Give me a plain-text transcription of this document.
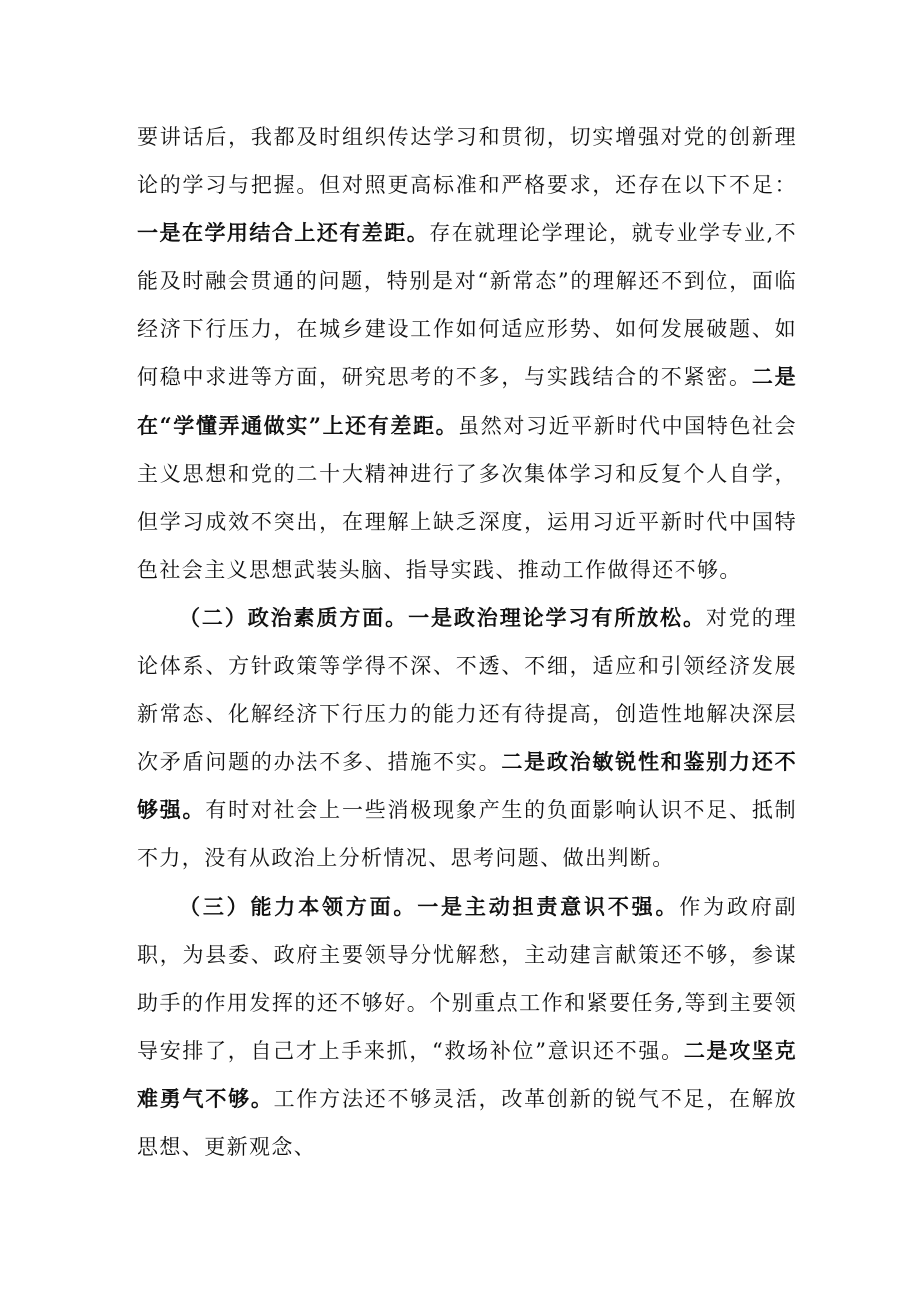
要讲话后，我都及时组织传达学习和贯彻，切实增强对党的创新理论的学习与把握。但对照更高标准和严格要求，还存在以下不足：一是在学用结合上还有差距。存在就理论学理论，就专业学专业,不能及时融会贯通的问题，特别是对“新常态”的理解还不到位，面临经济下行压力，在城乡建设工作如何适应形势、如何发展破题、如何稳中求进等方面，研究思考的不多，与实践结合的不紧密。二是在“学懂弄通做实”上还有差距。虽然对习近平新时代中国特色社会主义思想和党的二十大精神进行了多次集体学习和反复个人自学，但学习成效不突出，在理解上缺乏深度，运用习近平新时代中国特色社会主义思想武装头脑、指导实践、推动工作做得还不够。

（二）政治素质方面。一是政治理论学习有所放松。对党的理论体系、方针政策等学得不深、不透、不细，适应和引领经济发展新常态、化解经济下行压力的能力还有待提高，创造性地解决深层次矛盾问题的办法不多、措施不实。二是政治敏锐性和鉴别力还不够强。有时对社会上一些消极现象产生的负面影响认识不足、抵制不力，没有从政治上分析情况、思考问题、做出判断。

（三）能力本领方面。一是主动担责意识不强。作为政府副职，为县委、政府主要领导分忧解愁，主动建言献策还不够，参谋助手的作用发挥的还不够好。个别重点工作和紧要任务,等到主要领导安排了，自己才上手来抓，“救场补位”意识还不强。二是攻坚克难勇气不够。工作方法还不够灵活，改革创新的锐气不足，在解放思想、更新观念、
